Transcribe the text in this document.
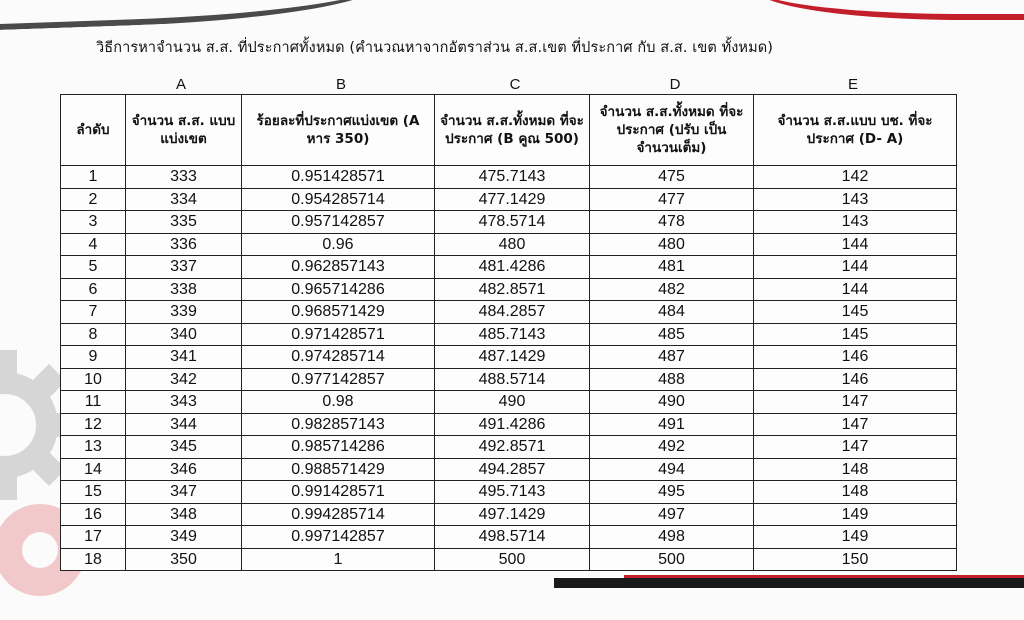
วิธีการหาจำนวน ส.ส. ที่ประกาศทั้งหมด (คำนวณหาจากอัตราส่วน ส.ส.เขต ที่ประกาศ กับ ส.ส. เขต ทั้งหมด)
A	B	C	D	E
ลำดับ	จำนวน ส.ส. แบบแบ่งเขต	ร้อยละที่ประกาศแบ่งเขต (A หาร 350)	จำนวน ส.ส.ทั้งหมด ที่จะประกาศ (B คูณ 500)	จำนวน ส.ส.ทั้งหมด ที่จะประกาศ (ปรับ เป็นจำนวนเต็ม)	จำนวน ส.ส.แบบ บช. ที่จะประกาศ (D- A)
1	333	0.951428571	475.7143	475	142
2	334	0.954285714	477.1429	477	143
3	335	0.957142857	478.5714	478	143
4	336	0.96	480	480	144
5	337	0.962857143	481.4286	481	144
6	338	0.965714286	482.8571	482	144
7	339	0.968571429	484.2857	484	145
8	340	0.971428571	485.7143	485	145
9	341	0.974285714	487.1429	487	146
10	342	0.977142857	488.5714	488	146
11	343	0.98	490	490	147
12	344	0.982857143	491.4286	491	147
13	345	0.985714286	492.8571	492	147
14	346	0.988571429	494.2857	494	148
15	347	0.991428571	495.7143	495	148
16	348	0.994285714	497.1429	497	149
17	349	0.997142857	498.5714	498	149
18	350	1	500	500	150
